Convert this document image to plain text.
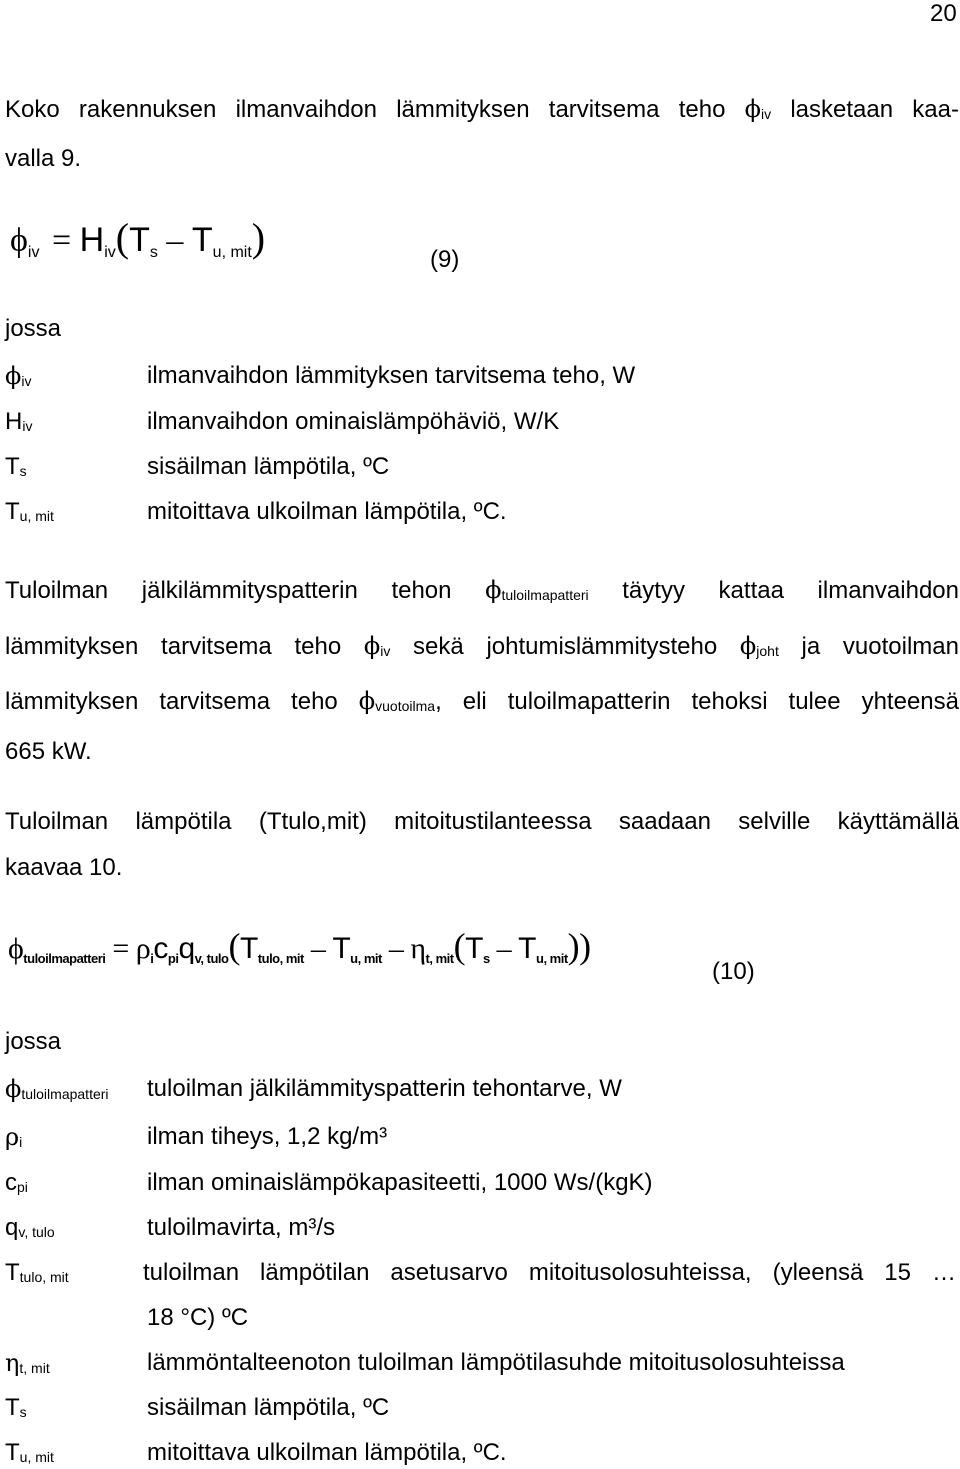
20
Koko rakennuksen ilmanvaihdon lämmityksen tarvitsema teho ϕiv lasketaan kaa-
valla 9.
ϕiv = Hiv(Ts – Tu, mit)	(9)
jossa
ϕiv	ilmanvaihdon lämmityksen tarvitsema teho, W
Hiv	ilmanvaihdon ominaislämpöhäviö, W/K
Ts	sisäilman lämpötila, ºC
Tu, mit	mitoittava ulkoilman lämpötila, ºC.
Tuloilman jälkilämmityspatterin tehon ϕtuloilmapatteri täytyy kattaa ilmanvaihdon
lämmityksen tarvitsema teho ϕiv sekä johtumislämmitysteho ϕjoht ja vuotoilman
lämmityksen tarvitsema teho ϕvuotoilma, eli tuloilmapatterin tehoksi tulee yhteensä
665 kW.
Tuloilman lämpötila (Ttulo,mit) mitoitustilanteessa saadaan selville käyttämällä
kaavaa 10.
ϕtuloilmapatteri = ρicpiqv, tulo(Ttulo, mit – Tu, mit – ηt, mit(Ts – Tu, mit))
(10)
jossa
ϕtuloilmapatteri tuloilman jälkilämmityspatterin tehontarve, W
ρi	ilman tiheys, 1,2 kg/m³
cpi	ilman ominaislämpökapasiteetti, 1000 Ws/(kgK)
qv, tulo	tuloilmavirta, m³/s
Ttulo, mit	tuloilman lämpötilan asetusarvo mitoitusolosuhteissa, (yleensä 15 …
18 °C) ºC
ηt, mit	lämmöntalteenoton tuloilman lämpötilasuhde mitoitusolosuhteissa
Ts	sisäilman lämpötila, ºC
Tu, mit	mitoittava ulkoilman lämpötila, ºC.
